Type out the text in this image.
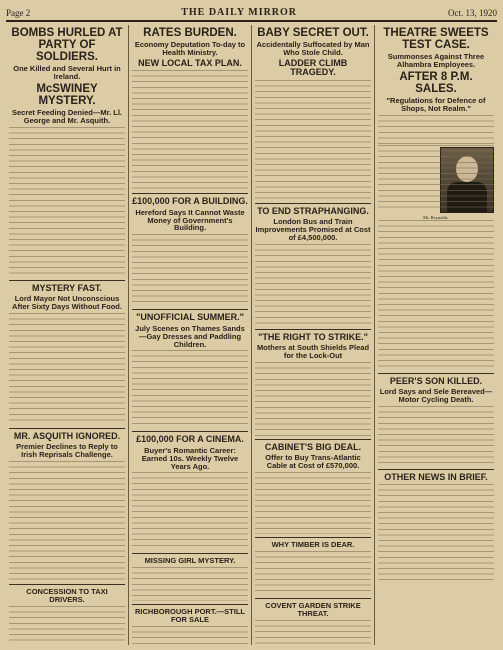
Page 2	THE DAILY MIRROR	Oct. 13, 1920
BOMBS HURLED AT PARTY OF SOLDIERS.
One Killed and Several Hurt in Ireland.
McSWINEY MYSTERY.
Secret Feeding Denied—Mr. Ll. George and Mr. Asquith.
MYSTERY FAST.
Lord Mayor Not Unconscious After Sixty Days Without Food.
MR. ASQUITH IGNORED.
Premier Declines to Reply to Irish Reprisals Challenge.
CONCESSION TO TAXI DRIVERS.
RATES BURDEN.
Economy Deputation To-day to Health Ministry.
NEW LOCAL TAX PLAN.
£100,000 FOR A BUILDING.
Hereford Says It Cannot Waste Money of Government's Building.
"UNOFFICIAL SUMMER."
July Scenes on Thames Sands—Gay Dresses and Paddling Children.
£100,000 FOR A CINEMA.
Buyer's Romantic Career: Earned 10s. Weekly Twelve Years Ago.
MISSING GIRL MYSTERY.
RICHBOROUGH PORT.—STILL FOR SALE
BABY SECRET OUT.
Accidentally Suffocated by Man Who Stole Child.
LADDER CLIMB TRAGEDY.
TO END STRAPHANGING.
London Bus and Train Improvements Promised at Cost of £4,500,000.
"THE RIGHT TO STRIKE."
Mothers at South Shields Plead for the Lock-Out
CABINET'S BIG DEAL.
Offer to Buy Trans-Atlantic Cable at Cost of £570,000.
WHY TIMBER IS DEAR.
COVENT GARDEN STRIKE THREAT.
THEATRE SWEETS TEST CASE.
Summonses Against Three Alhambra Employees.
AFTER 8 P.M. SALES.
"Regulations for Defence of Shops, Not Realm."
Mr. Reynolds.
PEER'S SON KILLED.
Lord Says and Sele Bereaved—Motor Cycling Death.
OTHER NEWS IN BRIEF.
